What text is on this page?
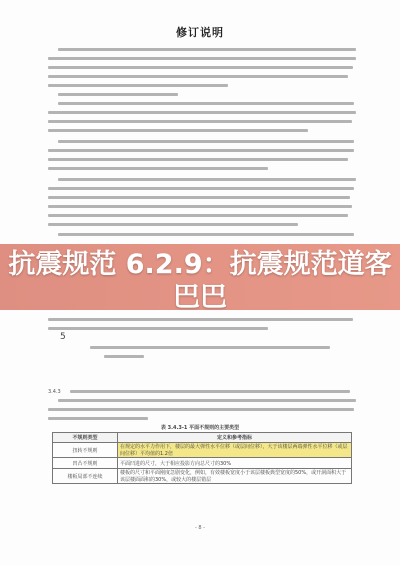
修订说明
抗震规范 6.2.9：抗震规范道客巴巴
5
3.4.3
表 3.4.3-1 平面不规则的主要类型
不规则类型	定义和参考指标
扭转不规则	在规定的水平力作用下，楼层的最大弹性水平位移（或层间位移），大于该楼层两端弹性水平位移（或层间位移）平均值的1.2倍
凹凸不规则	平面凹进的尺寸，大于相应投影方向总尺寸的30%
楼板局部不连续	楼板的尺寸和平面刚度急剧变化，例如，有效楼板宽度小于该层楼板典型宽度的50%，或开洞面积大于该层楼面面积的30%，或较大的楼层错层
- 8 -
